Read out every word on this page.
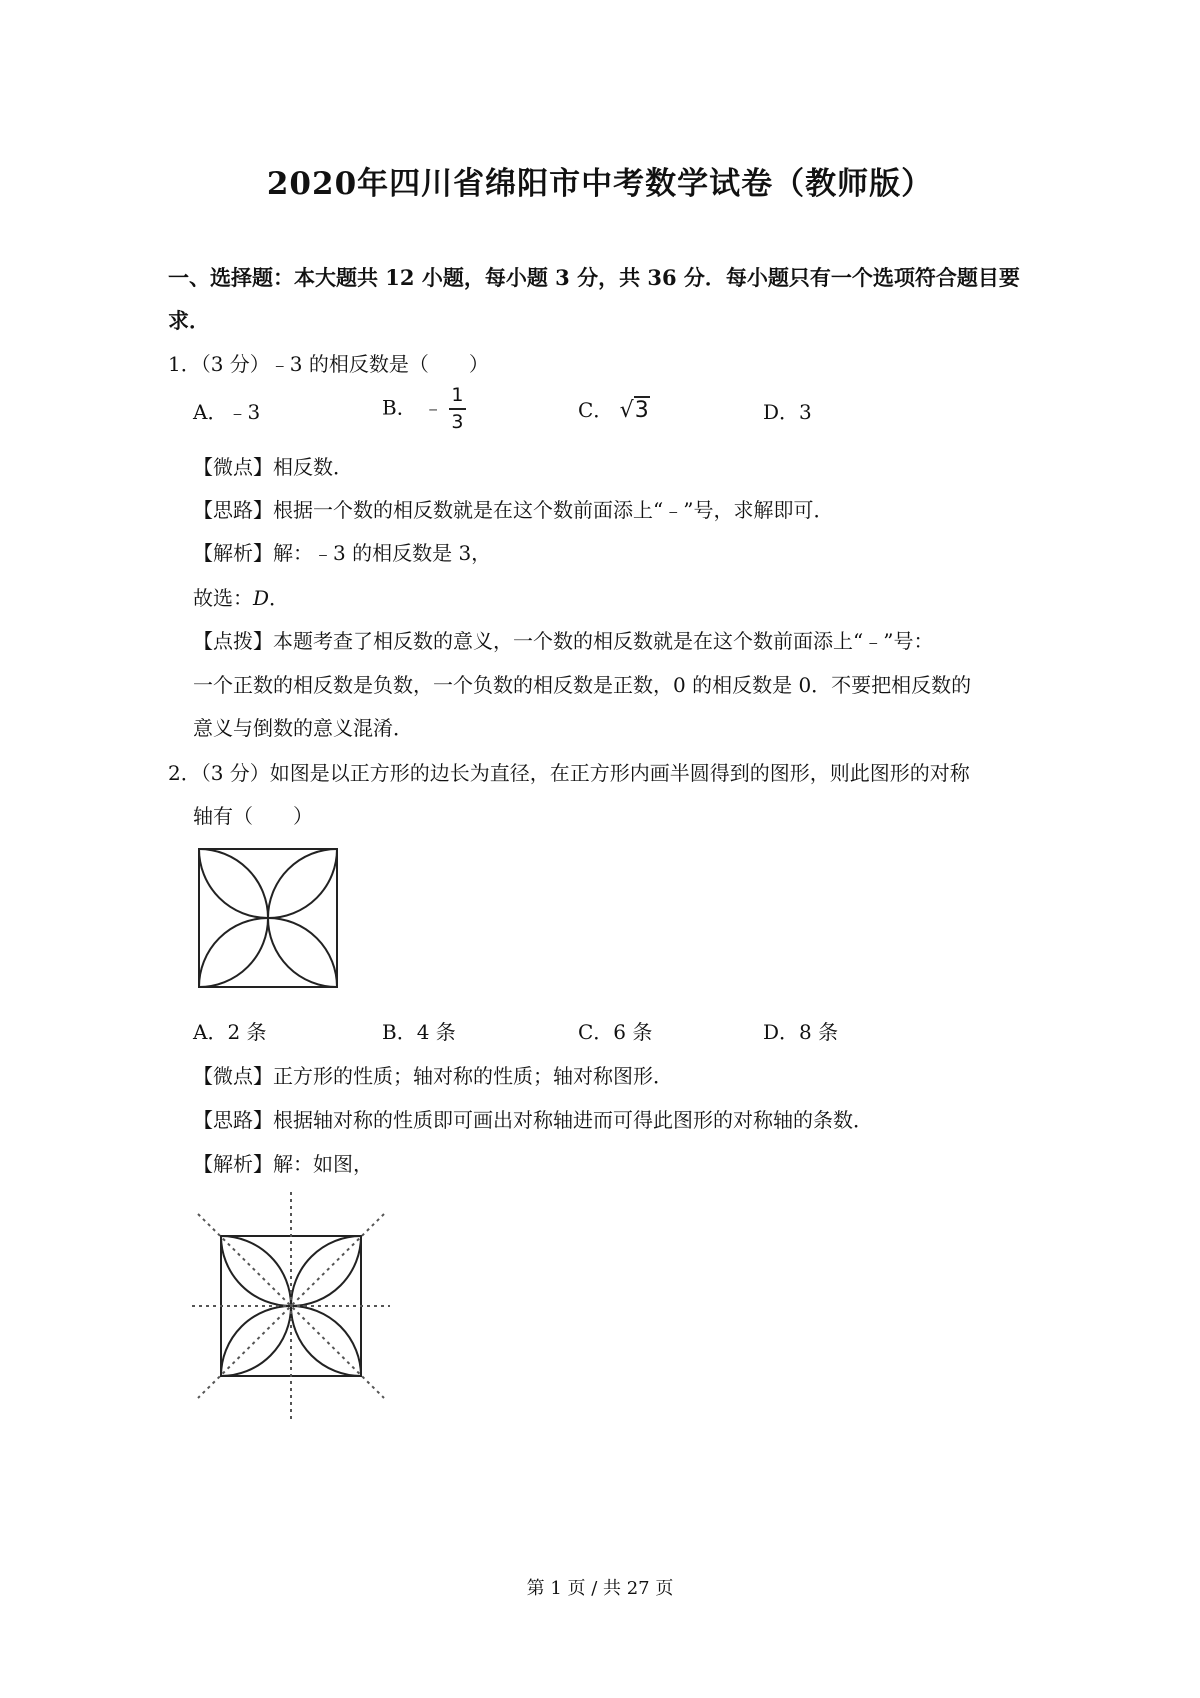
2020年四川省绵阳市中考数学试卷（教师版）
一、选择题：本大题共 12 小题，每小题 3 分，共 36 分．每小题只有一个选项符合题目要
求．
1．（3 分）﹣3 的相反数是（　　）
A．﹣3	B． ﹣ $\frac{1}{3}$	C． √3	D．3
【微点】相反数．
【思路】根据一个数的相反数就是在这个数前面添上“﹣”号，求解即可．
【解析】解：﹣3 的相反数是 3，
故选：D．
【点拨】本题考查了相反数的意义，一个数的相反数就是在这个数前面添上“﹣”号：
一个正数的相反数是负数，一个负数的相反数是正数，0 的相反数是 0．不要把相反数的
意义与倒数的意义混淆．
2．（3 分）如图是以正方形的边长为直径，在正方形内画半圆得到的图形，则此图形的对称
轴有（　　）
A．2 条	B．4 条	C．6 条	D．8 条
【微点】正方形的性质；轴对称的性质；轴对称图形．
【思路】根据轴对称的性质即可画出对称轴进而可得此图形的对称轴的条数．
【解析】解：如图，
第 1 页 / 共 27 页
